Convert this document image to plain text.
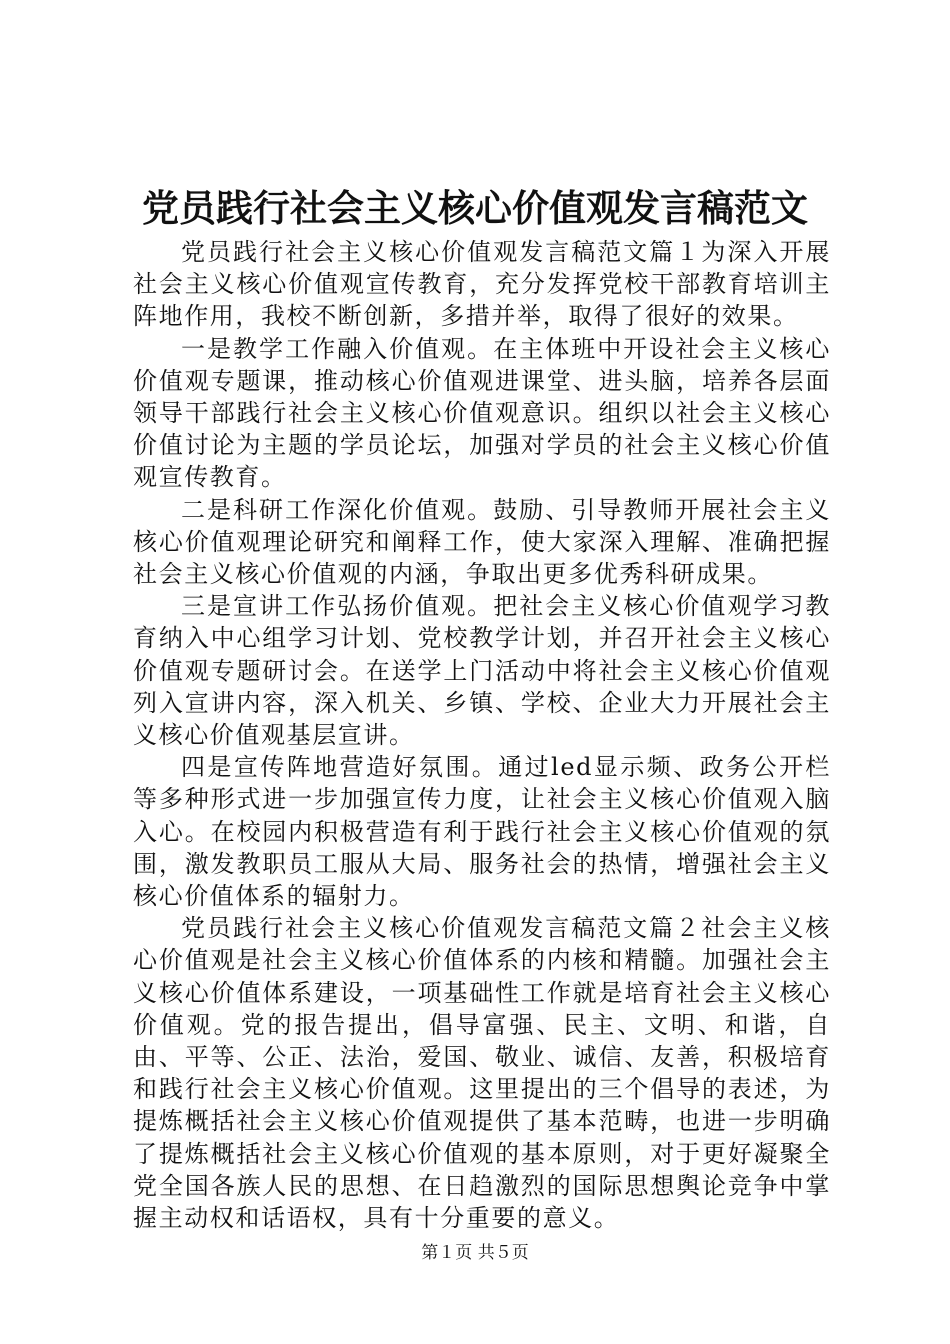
党员践行社会主义核心价值观发言稿范文

党员践行社会主义核心价值观发言稿范文篇１为深入开展社会主义核心价值观宣传教育，充分发挥党校干部教育培训主阵地作用，我校不断创新，多措并举，取得了很好的效果。

一是教学工作融入价值观。在主体班中开设社会主义核心价值观专题课，推动核心价值观进课堂、进头脑，培养各层面领导干部践行社会主义核心价值观意识。组织以社会主义核心价值讨论为主题的学员论坛，加强对学员的社会主义核心价值观宣传教育。

二是科研工作深化价值观。鼓励、引导教师开展社会主义核心价值观理论研究和阐释工作，使大家深入理解、准确把握社会主义核心价值观的内涵，争取出更多优秀科研成果。

三是宣讲工作弘扬价值观。把社会主义核心价值观学习教育纳入中心组学习计划、党校教学计划，并召开社会主义核心价值观专题研讨会。在送学上门活动中将社会主义核心价值观列入宣讲内容，深入机关、乡镇、学校、企业大力开展社会主义核心价值观基层宣讲。

四是宣传阵地营造好氛围。通过led显示频、政务公开栏等多种形式进一步加强宣传力度，让社会主义核心价值观入脑入心。在校园内积极营造有利于践行社会主义核心价值观的氛围，激发教职员工服从大局、服务社会的热情，增强社会主义核心价值体系的辐射力。

党员践行社会主义核心价值观发言稿范文篇２社会主义核心价值观是社会主义核心价值体系的内核和精髓。加强社会主义核心价值体系建设，一项基础性工作就是培育社会主义核心价值观。党的报告提出，倡导富强、民主、文明、和谐，自由、平等、公正、法治，爱国、敬业、诚信、友善，积极培育和践行社会主义核心价值观。这里提出的三个倡导的表述，为提炼概括社会主义核心价值观提供了基本范畴，也进一步明确了提炼概括社会主义核心价值观的基本原则，对于更好凝聚全党全国各族人民的思想、在日趋激烈的国际思想舆论竞争中掌握主动权和话语权，具有十分重要的意义。

第１页 共５页
